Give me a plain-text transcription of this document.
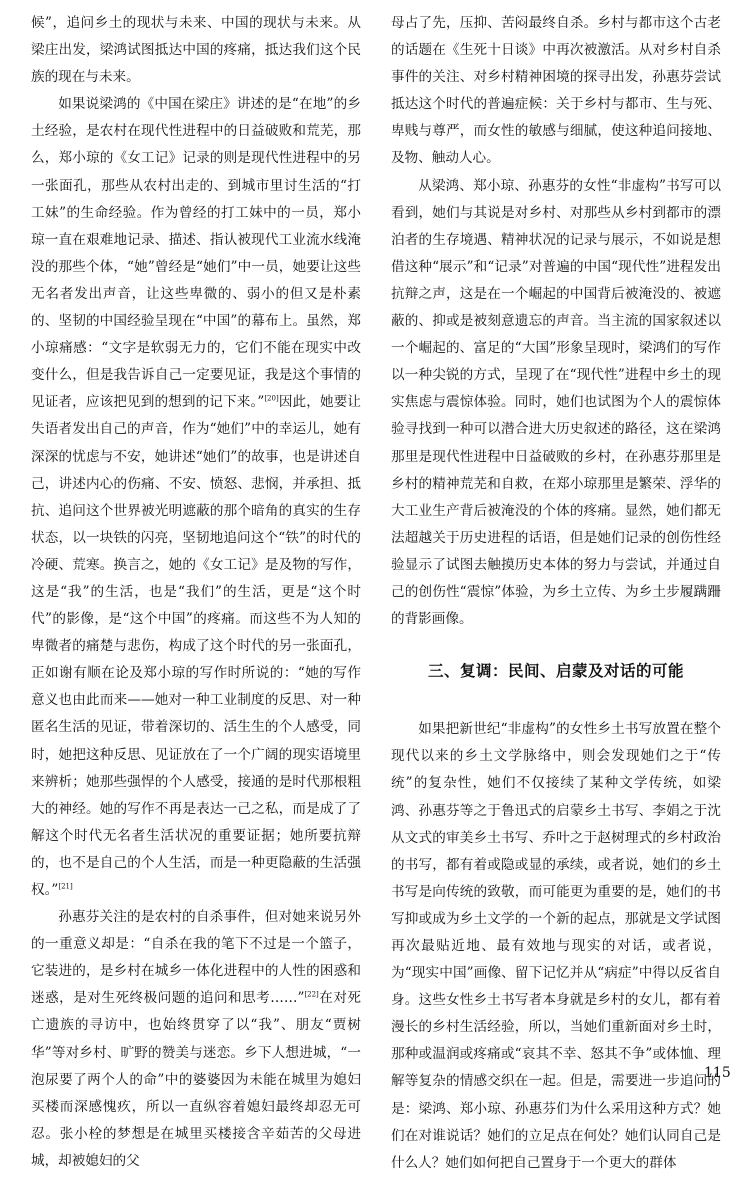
候”，追问乡土的现状与未来、中国的现状与未来。从梁庄出发，梁鸿试图抵达中国的疼痛，抵达我们这个民族的现在与未来。

如果说梁鸿的《中国在梁庄》讲述的是“在地”的乡土经验，是农村在现代性进程中的日益破败和荒芜，那么，郑小琼的《女工记》记录的则是现代性进程中的另一张面孔，那些从农村出走的、到城市里讨生活的“打工妹”的生命经验。作为曾经的打工妹中的一员，郑小琼一直在艰难地记录、描述、指认被现代工业流水线淹没的那些个体，“她”曾经是“她们”中一员，她要让这些无名者发出声音，让这些卑微的、弱小的但又是朴素的、坚韧的中国经验呈现在“中国”的幕布上。虽然，郑小琼痛感：“文字是软弱无力的，它们不能在现实中改变什么，但是我告诉自己一定要见证，我是这个事情的见证者，应该把见到的想到的记下来。”[20]因此，她要让失语者发出自己的声音，作为“她们”中的幸运儿，她有深深的忧虑与不安，她讲述“她们”的故事，也是讲述自己，讲述内心的伤痛、不安、愤怒、悲悯，并承担、抵抗、追问这个世界被光明遮蔽的那个暗角的真实的生存状态，以一块铁的闪亮，坚韧地追问这个“铁”的时代的冷硬、荒寒。换言之，她的《女工记》是及物的写作，这是“我”的生活，也是“我们”的生活，更是“这个时代”的影像，是“这个中国”的疼痛。而这些不为人知的卑微者的痛楚与悲伤，构成了这个时代的另一张面孔，正如谢有顺在论及郑小琼的写作时所说的：“她的写作意义也由此而来——她对一种工业制度的反思、对一种匿名生活的见证，带着深切的、活生生的个人感受，同时，她把这种反思、见证放在了一个广阔的现实语境里来辨析；她那些强悍的个人感受，接通的是时代那根粗大的神经。她的写作不再是表达一己之私，而是成了了解这个时代无名者生活状况的重要证据；她所要抗辩的，也不是自己的个人生活，而是一种更隐蔽的生活强权。”[21]

孙惠芬关注的是农村的自杀事件，但对她来说另外的一重意义却是：“自杀在我的笔下不过是一个篮子，它装进的，是乡村在城乡一体化进程中的人性的困惑和迷惑，是对生死终极问题的追问和思考……”[22]在对死亡遗族的寻访中，也始终贯穿了以“我”、朋友“贾树华”等对乡村、旷野的赞美与迷恋。乡下人想进城，“一泡尿要了两个人的命”中的婆婆因为未能在城里为媳妇买楼而深感愧疚，所以一直纵容着媳妇最终却忍无可忍。张小栓的梦想是在城里买楼接含辛茹苦的父母进城，却被媳妇的父

母占了先，压抑、苦闷最终自杀。乡村与都市这个古老的话题在《生死十日谈》中再次被激活。从对乡村自杀事件的关注、对乡村精神困境的探寻出发，孙惠芬尝试抵达这个时代的普遍症候：关于乡村与都市、生与死、卑贱与尊严，而女性的敏感与细腻，使这种追问接地、及物、触动人心。

从梁鸿、郑小琼、孙惠芬的女性“非虚构”书写可以看到，她们与其说是对乡村、对那些从乡村到都市的漂泊者的生存境遇、精神状况的记录与展示，不如说是想借这种“展示”和“记录”对普遍的中国“现代性”进程发出抗辩之声，这是在一个崛起的中国背后被淹没的、被遮蔽的、抑或是被刻意遗忘的声音。当主流的国家叙述以一个崛起的、富足的“大国”形象呈现时，梁鸿们的写作以一种尖锐的方式，呈现了在“现代性”进程中乡土的现实焦虑与震惊体验。同时，她们也试图为个人的震惊体验寻找到一种可以潜合进大历史叙述的路径，这在梁鸿那里是现代性进程中日益破败的乡村，在孙惠芬那里是乡村的精神荒芜和自救，在郑小琼那里是繁荣、浮华的大工业生产背后被淹没的个体的疼痛。显然，她们都无法超越关于历史进程的话语，但是她们记录的创伤性经验显示了试图去触摸历史本体的努力与尝试，并通过自己的创伤性“震惊”体验，为乡土立传、为乡土步履蹒跚的背影画像。

三、复调：民间、启蒙及对话的可能

如果把新世纪“非虚构”的女性乡土书写放置在整个现代以来的乡土文学脉络中，则会发现她们之于“传统”的复杂性，她们不仅接续了某种文学传统，如梁鸿、孙惠芬等之于鲁迅式的启蒙乡土书写、李娟之于沈从文式的审美乡土书写、乔叶之于赵树理式的乡村政治的书写，都有着或隐或显的承续，或者说，她们的乡土书写是向传统的致敬，而可能更为重要的是，她们的书写抑或成为乡土文学的一个新的起点，那就是文学试图再次最贴近地、最有效地与现实的对话，或者说，为“现实中国”画像、留下记忆并从“病症”中得以反省自身。这些女性乡土书写者本身就是乡村的女儿，都有着漫长的乡村生活经验，所以，当她们重新面对乡土时，那种或温润或疼痛或“哀其不幸、怒其不争”或体恤、理解等复杂的情感交织在一起。但是，需要进一步追问的是：梁鸿、郑小琼、孙惠芬们为什么采用这种方式？她们在对谁说话？她们的立足点在何处？她们认同自己是什么人？她们如何把自己置身于一个更大的群体

115
